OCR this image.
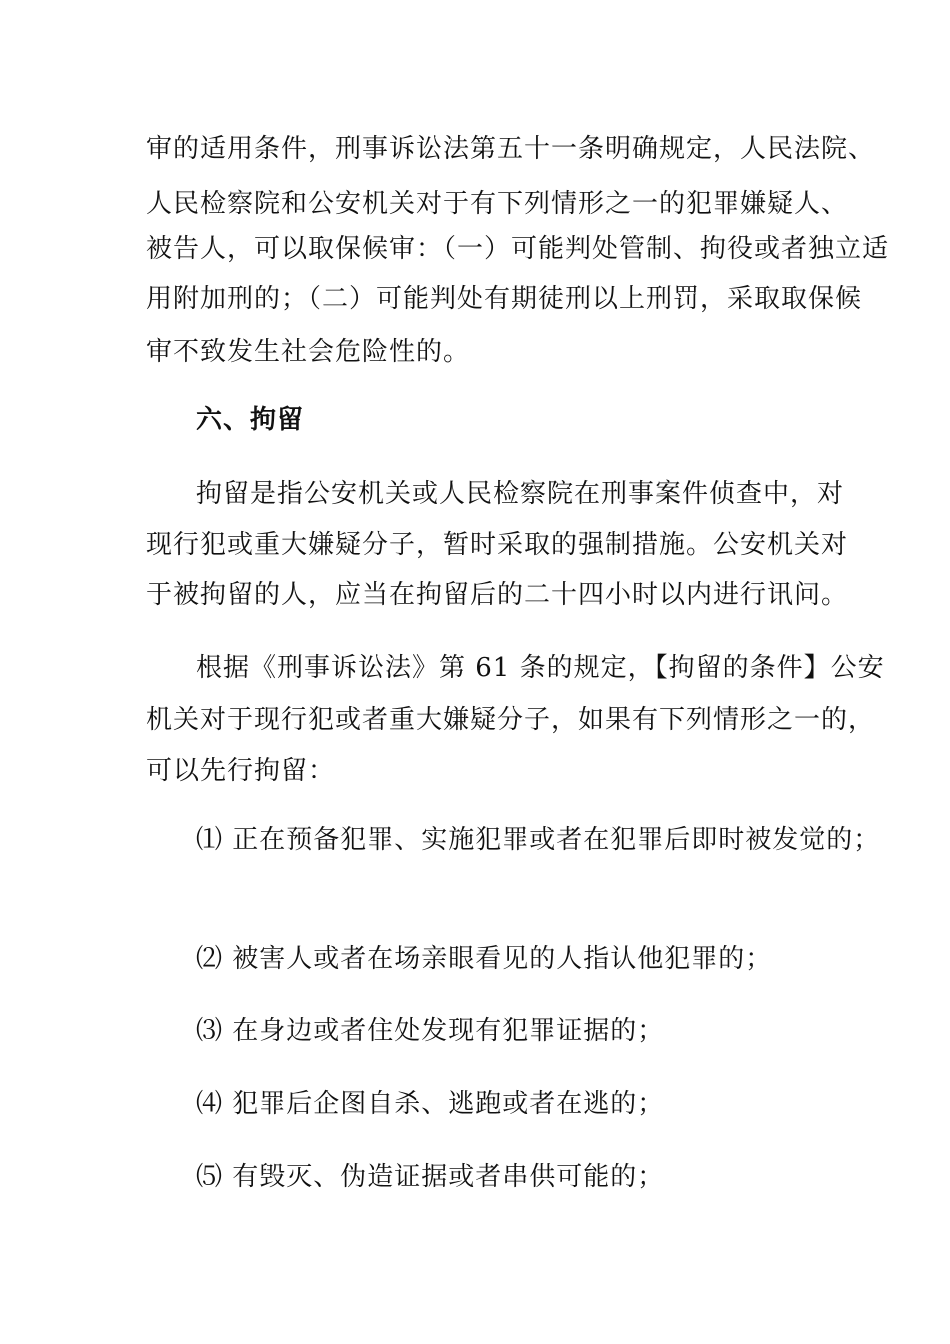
审的适用条件，刑事诉讼法第五十一条明确规定，人民法院、
人民检察院和公安机关对于有下列情形之一的犯罪嫌疑人、
被告人，可以取保候审：（一）可能判处管制、拘役或者独立适
用附加刑的；（二）可能判处有期徒刑以上刑罚，采取取保候
审不致发生社会危险性的。
六、拘留
拘留是指公安机关或人民检察院在刑事案件侦查中，对
现行犯或重大嫌疑分子，暂时采取的强制措施。公安机关对
于被拘留的人，应当在拘留后的二十四小时以内进行讯问。
根据《刑事诉讼法》第 61 条的规定，【拘留的条件】公安
机关对于现行犯或者重大嫌疑分子，如果有下列情形之一的，
可以先行拘留：
⑴ 正在预备犯罪、实施犯罪或者在犯罪后即时被发觉的；
⑵ 被害人或者在场亲眼看见的人指认他犯罪的；
⑶ 在身边或者住处发现有犯罪证据的；
⑷ 犯罪后企图自杀、逃跑或者在逃的；
⑸ 有毁灭、伪造证据或者串供可能的；
